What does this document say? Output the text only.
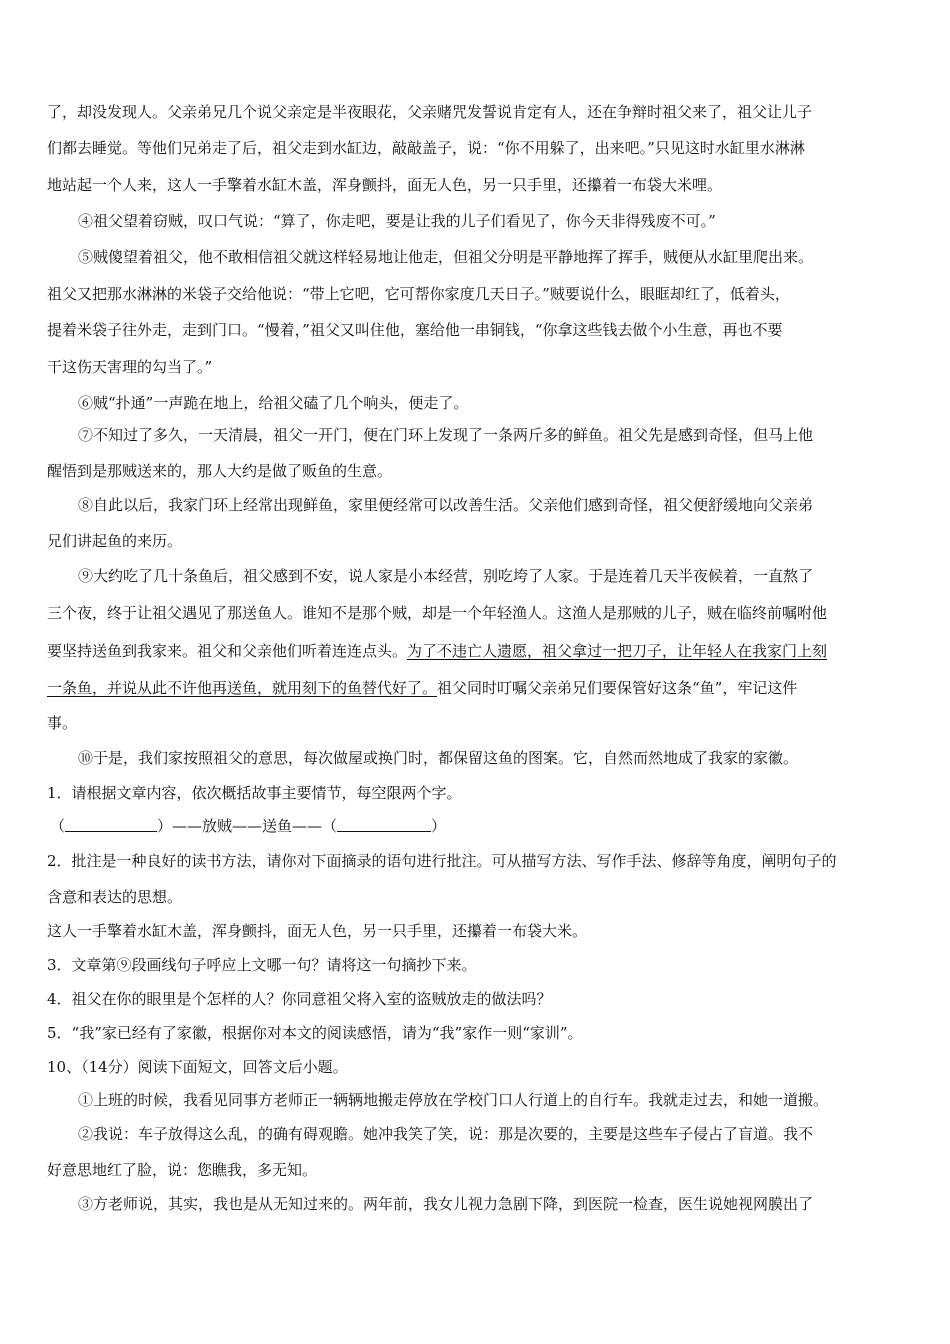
了，却没发现人。父亲弟兄几个说父亲定是半夜眼花，父亲赌咒发誓说肯定有人，还在争辩时祖父来了，祖父让儿子
们都去睡觉。等他们兄弟走了后，祖父走到水缸边，敲敲盖子，说：“你不用躲了，出来吧。”只见这时水缸里水淋淋
地站起一个人来，这人一手擎着水缸木盖，浑身颤抖，面无人色，另一只手里，还攥着一布袋大米哩。
④祖父望着窃贼，叹口气说：“算了，你走吧，要是让我的儿子们看见了，你今天非得残废不可。”
⑤贼傻望着祖父，他不敢相信祖父就这样轻易地让他走，但祖父分明是平静地挥了挥手，贼便从水缸里爬出来。
祖父又把那水淋淋的米袋子交给他说：“带上它吧，它可帮你家度几天日子。”贼要说什么，眼眶却红了，低着头，
提着米袋子往外走，走到门口。“慢着，”祖父又叫住他，塞给他一串铜钱，“你拿这些钱去做个小生意，再也不要
干这伤天害理的勾当了。”
⑥贼“扑通”一声跪在地上，给祖父磕了几个响头，便走了。
⑦不知过了多久，一天清晨，祖父一开门，便在门环上发现了一条两斤多的鲜鱼。祖父先是感到奇怪，但马上他
醒悟到是那贼送来的，那人大约是做了贩鱼的生意。
⑧自此以后，我家门环上经常出现鲜鱼，家里便经常可以改善生活。父亲他们感到奇怪，祖父便舒缓地向父亲弟
兄们讲起鱼的来历。
⑨大约吃了几十条鱼后，祖父感到不安，说人家是小本经营，别吃垮了人家。于是连着几天半夜候着，一直熬了
三个夜，终于让祖父遇见了那送鱼人。谁知不是那个贼，却是一个年轻渔人。这渔人是那贼的儿子，贼在临终前嘱咐他
要坚持送鱼到我家来。祖父和父亲他们听着连连点头。为了不违亡人遗愿，祖父拿过一把刀子，让年轻人在我家门上刻
一条鱼，并说从此不许他再送鱼，就用刻下的鱼替代好了。祖父同时叮嘱父亲弟兄们要保管好这条“鱼”，牢记这件
事。
⑩于是，我们家按照祖父的意思，每次做屋或换门时，都保留这鱼的图案。它，自然而然地成了我家的家徽。
1．请根据文章内容，依次概括故事主要情节，每空限两个字。
（	）——放贼——送鱼——（	）
2．批注是一种良好的读书方法，请你对下面摘录的语句进行批注。可从描写方法、写作手法、修辞等角度，阐明句子的
含意和表达的思想。
这人一手擎着水缸木盖，浑身颤抖，面无人色，另一只手里，还攥着一布袋大米。
3．文章第⑨段画线句子呼应上文哪一句？请将这一句摘抄下来。
4．祖父在你的眼里是个怎样的人？你同意祖父将入室的盗贼放走的做法吗？
5．“我”家已经有了家徽，根据你对本文的阅读感悟，请为“我”家作一则“家训”。
10、（14分）阅读下面短文，回答文后小题。
①上班的时候，我看见同事方老师正一辆辆地搬走停放在学校门口人行道上的自行车。我就走过去，和她一道搬。
②我说：车子放得这么乱，的确有碍观瞻。她冲我笑了笑，说：那是次要的，主要是这些车子侵占了盲道。我不
好意思地红了脸，说：您瞧我，多无知。
③方老师说，其实，我也是从无知过来的。两年前，我女儿视力急剧下降，到医院一检查，医生说她视网膜出了
